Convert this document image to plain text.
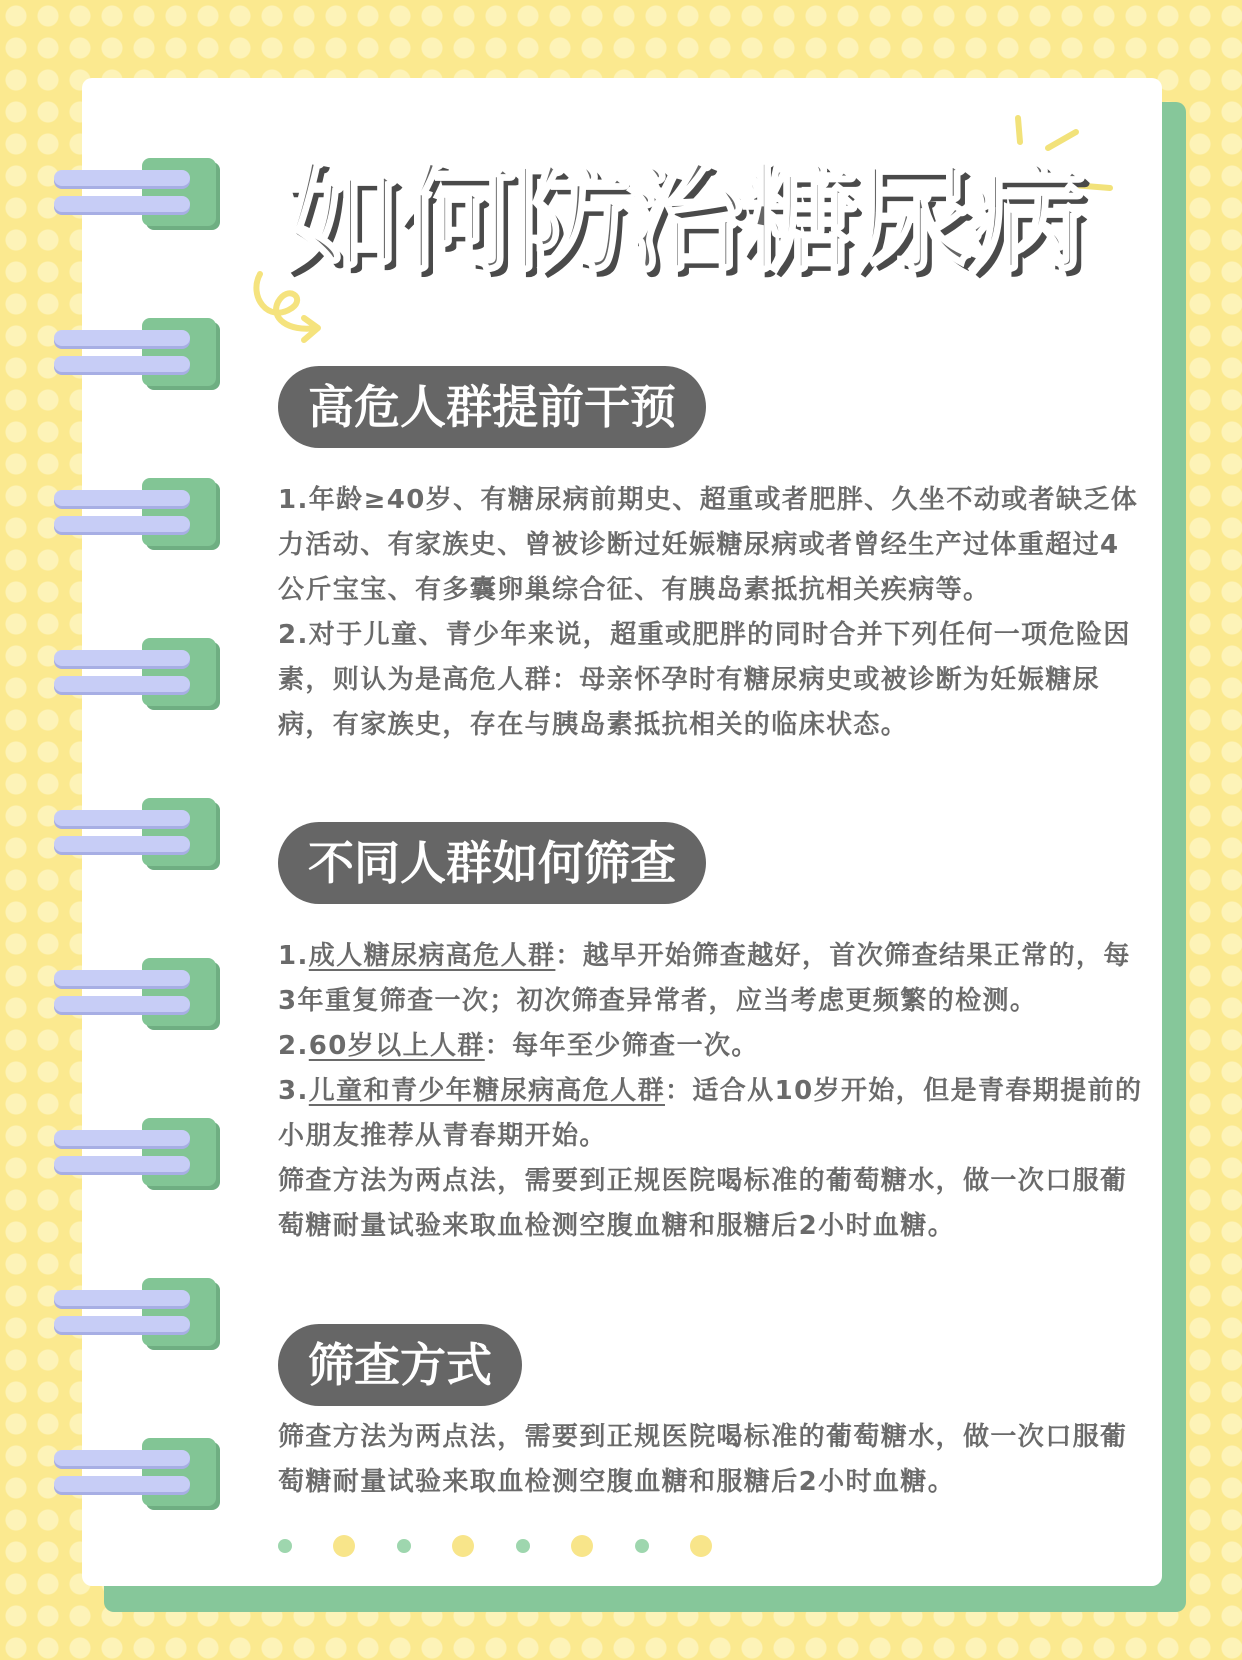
如何防治糖尿病
高危人群提前干预

1.年龄≥40岁、有糖尿病前期史、超重或者肥胖、久坐不动或者缺乏体力活动、有家族史、曾被诊断过妊娠糖尿病或者曾经生产过体重超过4公斤宝宝、有多囊卵巢综合征、有胰岛素抵抗相关疾病等。

2.对于儿童、青少年来说，超重或肥胖的同时合并下列任何一项危险因素，则认为是高危人群：母亲怀孕时有糖尿病史或被诊断为妊娠糖尿病，有家族史，存在与胰岛素抵抗相关的临床状态。

不同人群如何筛查

1.成人糖尿病高危人群：越早开始筛查越好，首次筛查结果正常的，每3年重复筛查一次；初次筛查异常者，应当考虑更频繁的检测。

2.60岁以上人群：每年至少筛查一次。

3.儿童和青少年糖尿病高危人群：适合从10岁开始，但是青春期提前的小朋友推荐从青春期开始。

筛查方法为两点法，需要到正规医院喝标准的葡萄糖水，做一次口服葡萄糖耐量试验来取血检测空腹血糖和服糖后2小时血糖。

筛查方式

筛查方法为两点法，需要到正规医院喝标准的葡萄糖水，做一次口服葡萄糖耐量试验来取血检测空腹血糖和服糖后2小时血糖。
